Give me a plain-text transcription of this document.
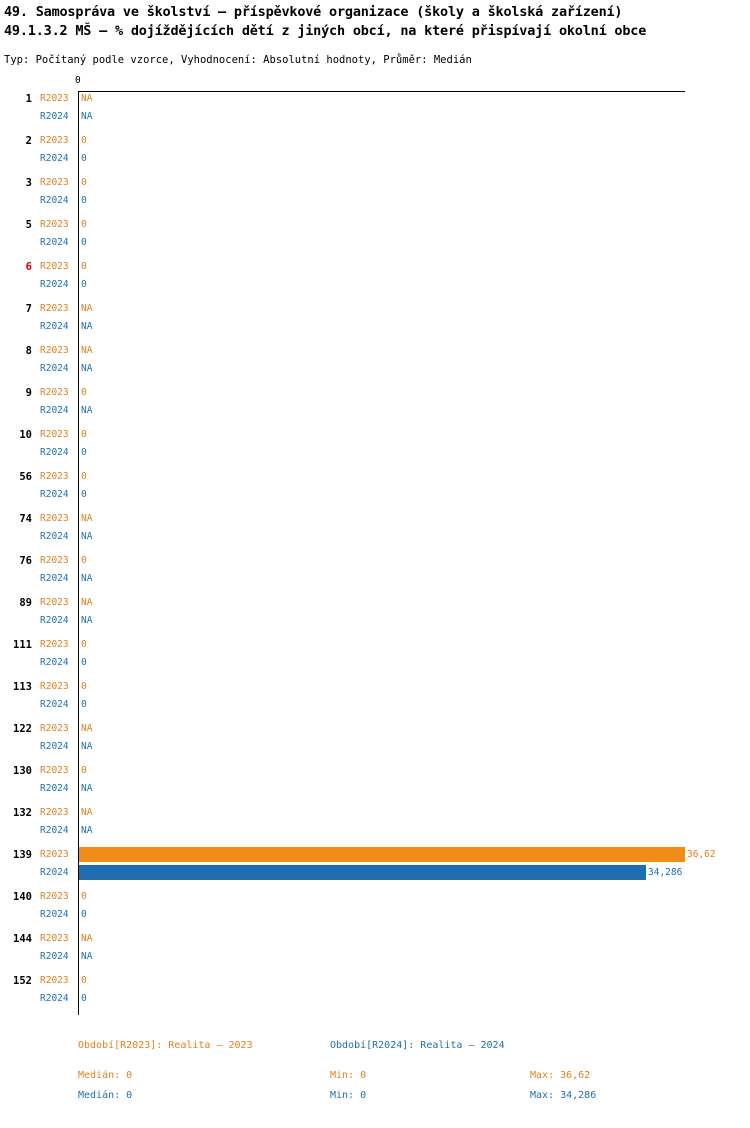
49. Samospráva ve školství – příspěvkové organizace (školy a školská zařízení)
49.1.3.2 MŠ – % dojíždějících dětí z jiných obcí, na které přispívají okolní obce
Typ: Počítaný podle vzorce, Vyhodnocení: Absolutní hodnoty, Průměr: Medián
0
1 R2023	NA
R2024	NA
2 R2023	0
R2024	0
3 R2023	0
R2024	0
5 R2023	0
R2024	0
6 R2023	0
R2024	0
7 R2023	NA
R2024	NA
8 R2023	NA
R2024	NA
9 R2023	0
R2024	NA
10 R2023	0
R2024	0
56 R2023	0
R2024	0
74 R2023	NA
R2024	NA
76 R2023	0
R2024	NA
89 R2023	NA
R2024	NA
111 R2023	0
R2024	0
113 R2023	0
R2024	0
122 R2023	NA
R2024	NA
130 R2023	0
R2024	NA
132 R2023	NA
R2024	NA
139 R2023	36,62
R2024	34,286
140 R2023	0
R2024	0
144 R2023	NA
R2024	NA
152 R2023	0
R2024	0
Období[R2023]: Realita – 2023	Období[R2024]: Realita – 2024
Medián: 0	Min: 0	Max: 36,62
Medián: 0	Min: 0	Max: 34,286
